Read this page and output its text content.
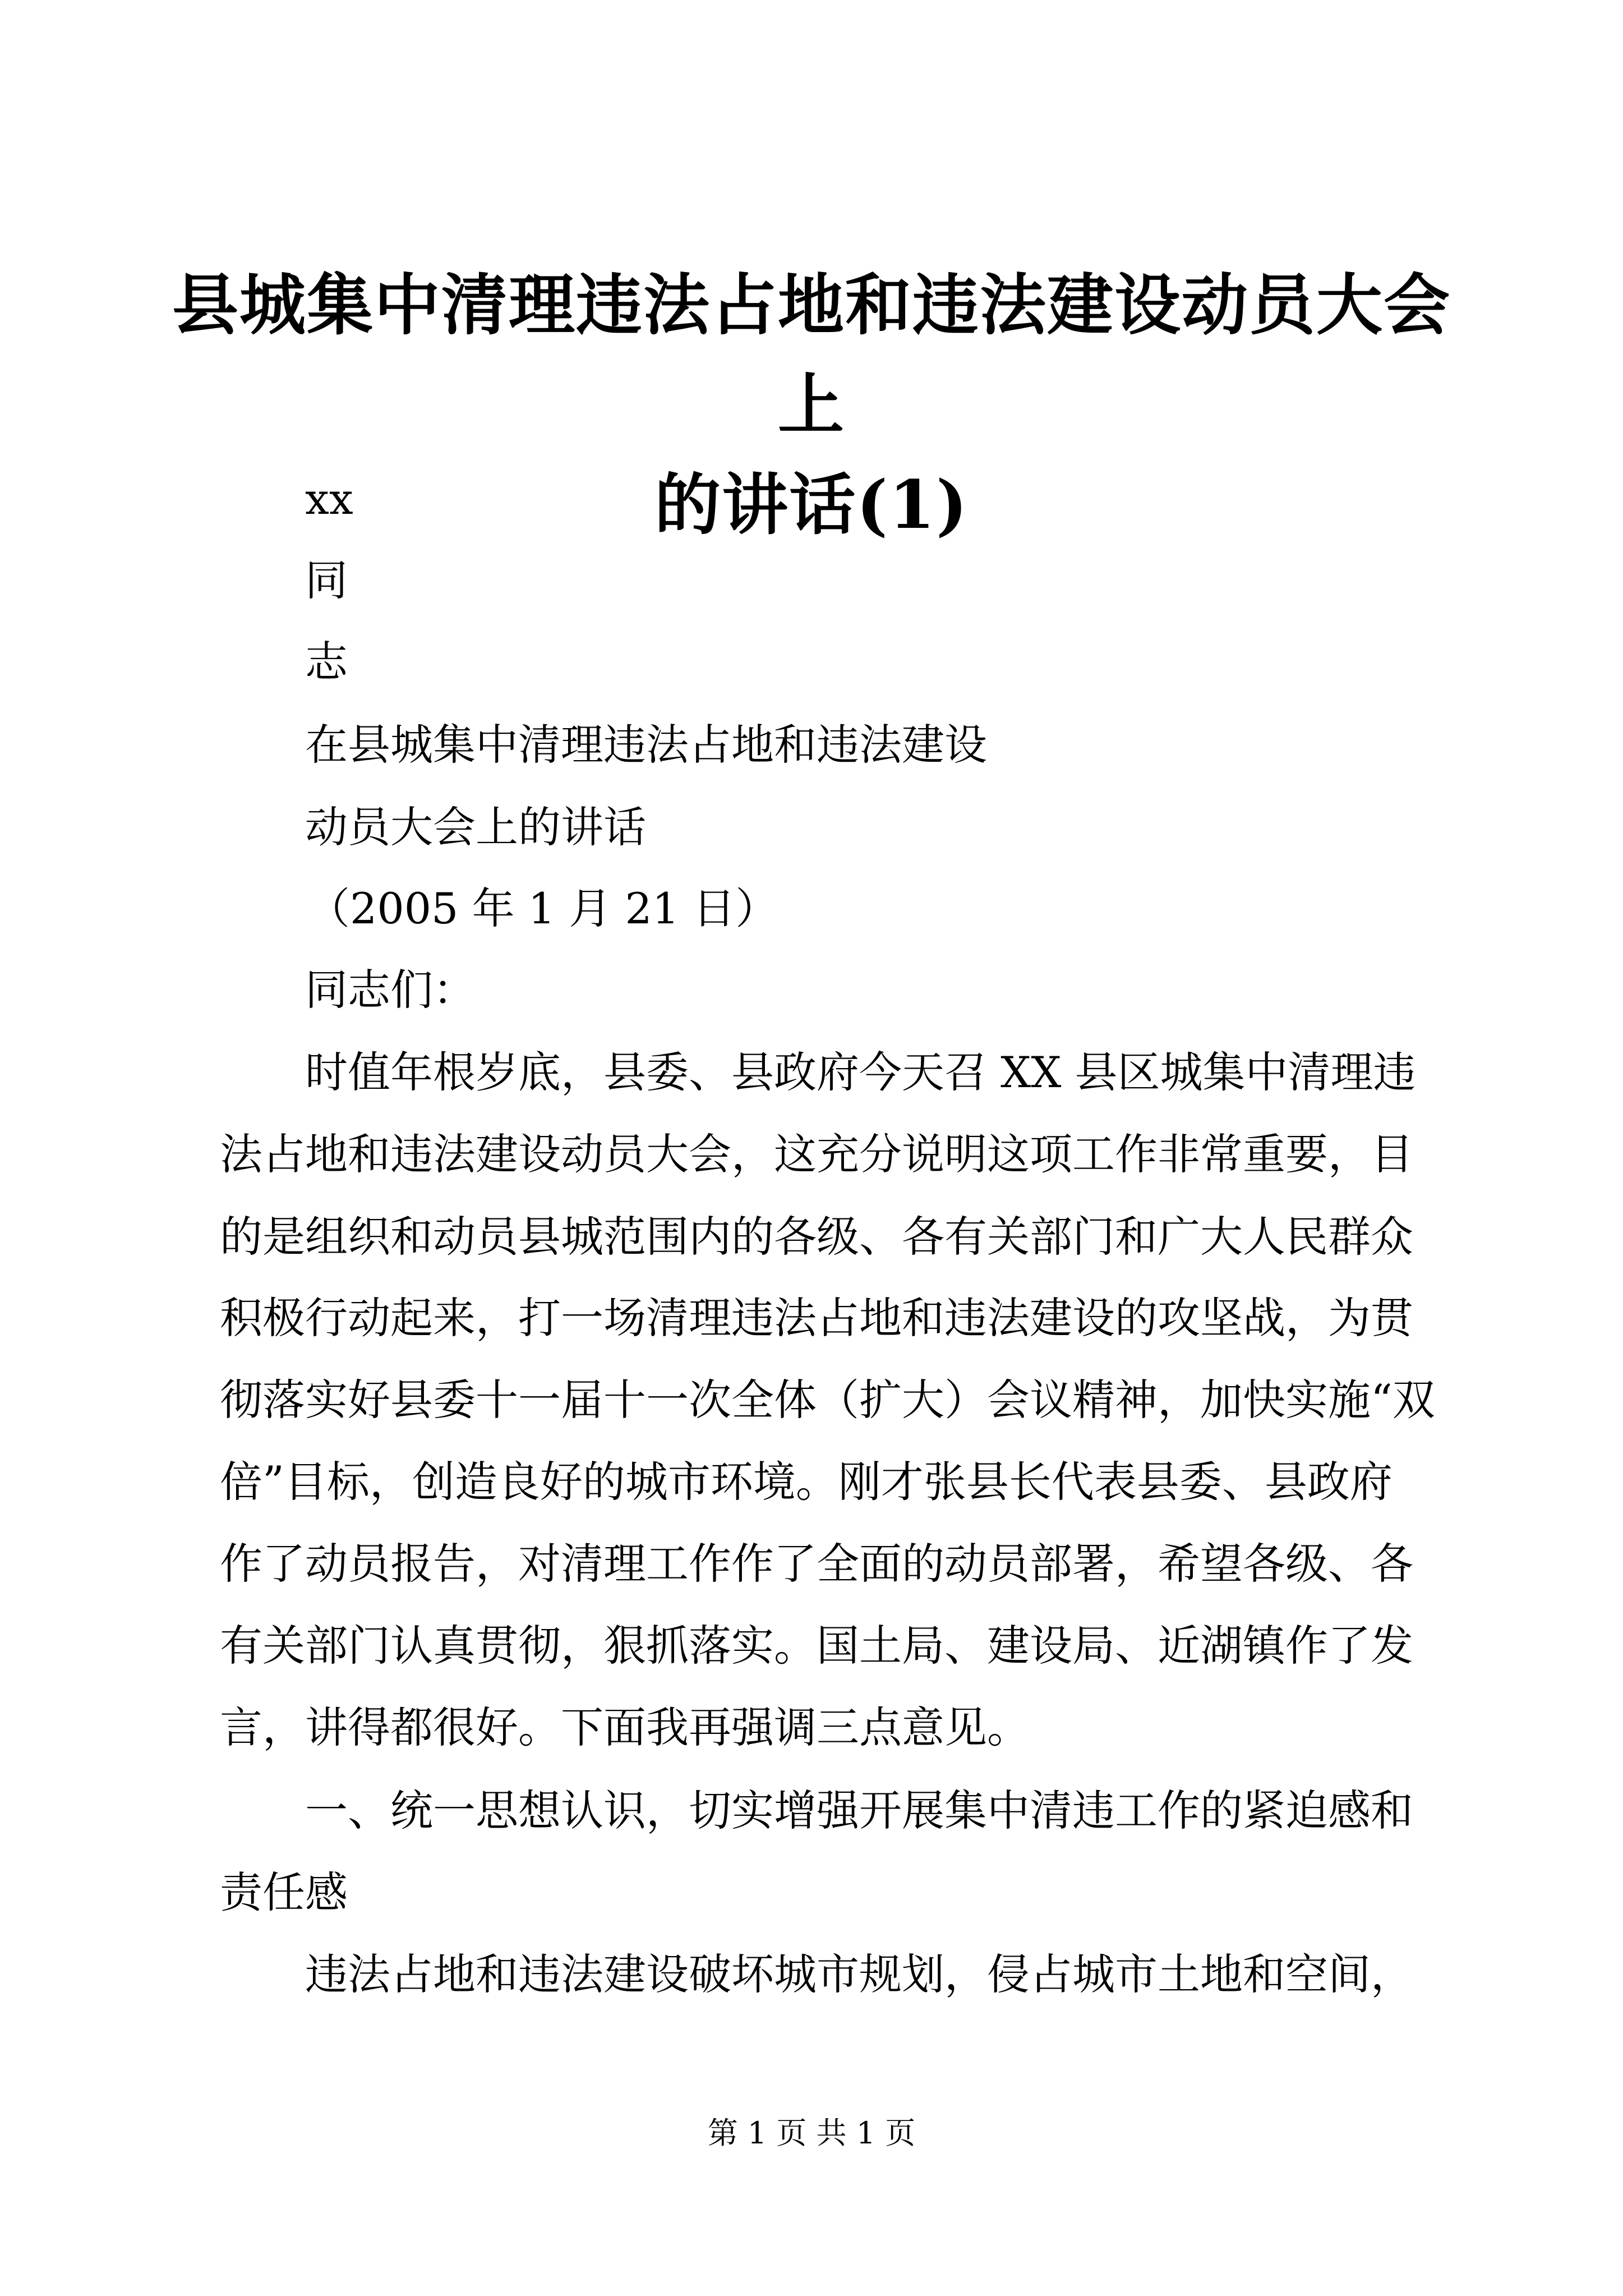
县城集中清理违法占地和违法建设动员大会上
的讲话(1)
xx
同
志
在县城集中清理违法占地和违法建设
动员大会上的讲话
（2005 年 1 月 21 日）
同志们：
时值年根岁底，县委、县政府今天召 XX 县区城集中清理违
法占地和违法建设动员大会，这充分说明这项工作非常重要，目
的是组织和动员县城范围内的各级、各有关部门和广大人民群众
积极行动起来，打一场清理违法占地和违法建设的攻坚战，为贯
彻落实好县委十一届十一次全体（扩大）会议精神，加快实施“双
倍”目标，创造良好的城市环境。刚才张县长代表县委、县政府
作了动员报告，对清理工作作了全面的动员部署，希望各级、各
有关部门认真贯彻，狠抓落实。国土局、建设局、近湖镇作了发
言，讲得都很好。下面我再强调三点意见。
一、统一思想认识，切实增强开展集中清违工作的紧迫感和
责任感
违法占地和违法建设破坏城市规划，侵占城市土地和空间，
第 1 页 共 1 页
